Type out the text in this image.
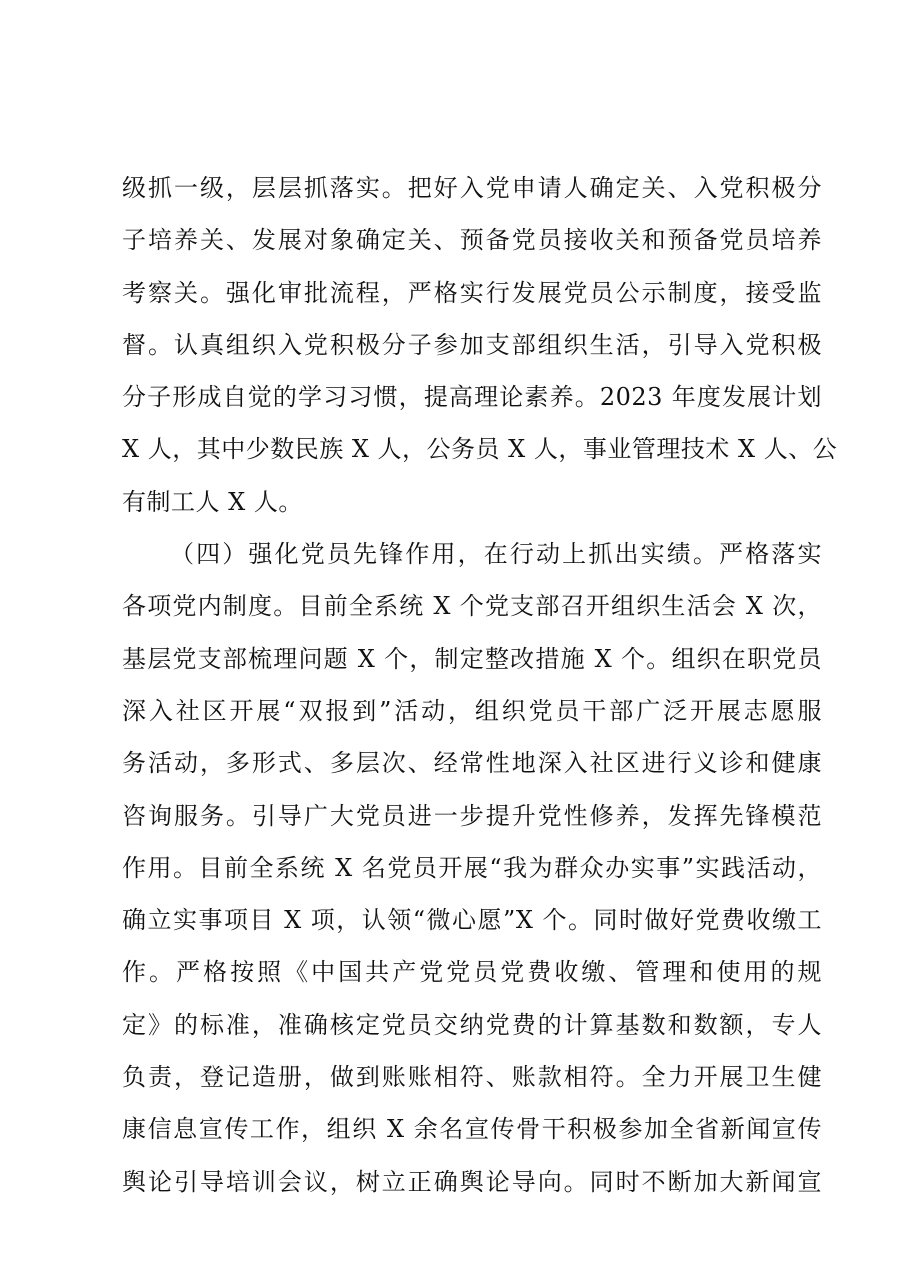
级抓一级，层层抓落实。把好入党申请人确定关、入党积极分
子培养关、发展对象确定关、预备党员接收关和预备党员培养
考察关。强化审批流程，严格实行发展党员公示制度，接受监
督。认真组织入党积极分子参加支部组织生活，引导入党积极
分子形成自觉的学习习惯，提高理论素养。2023 年度发展计划
X 人，其中少数民族 X 人，公务员 X 人，事业管理技术 X 人、公
有制工人 X 人。
（四）强化党员先锋作用，在行动上抓出实绩。严格落实
各项党内制度。目前全系统 X 个党支部召开组织生活会 X 次，
基层党支部梳理问题 X 个，制定整改措施 X 个。组织在职党员
深入社区开展“双报到”活动，组织党员干部广泛开展志愿服
务活动，多形式、多层次、经常性地深入社区进行义诊和健康
咨询服务。引导广大党员进一步提升党性修养，发挥先锋模范
作用。目前全系统 X 名党员开展“我为群众办实事”实践活动，
确立实事项目 X 项，认领“微心愿”X 个。同时做好党费收缴工
作。严格按照《中国共产党党员党费收缴、管理和使用的规
定》的标准，准确核定党员交纳党费的计算基数和数额，专人
负责，登记造册，做到账账相符、账款相符。全力开展卫生健
康信息宣传工作，组织 X 余名宣传骨干积极参加全省新闻宣传
舆论引导培训会议，树立正确舆论导向。同时不断加大新闻宣
